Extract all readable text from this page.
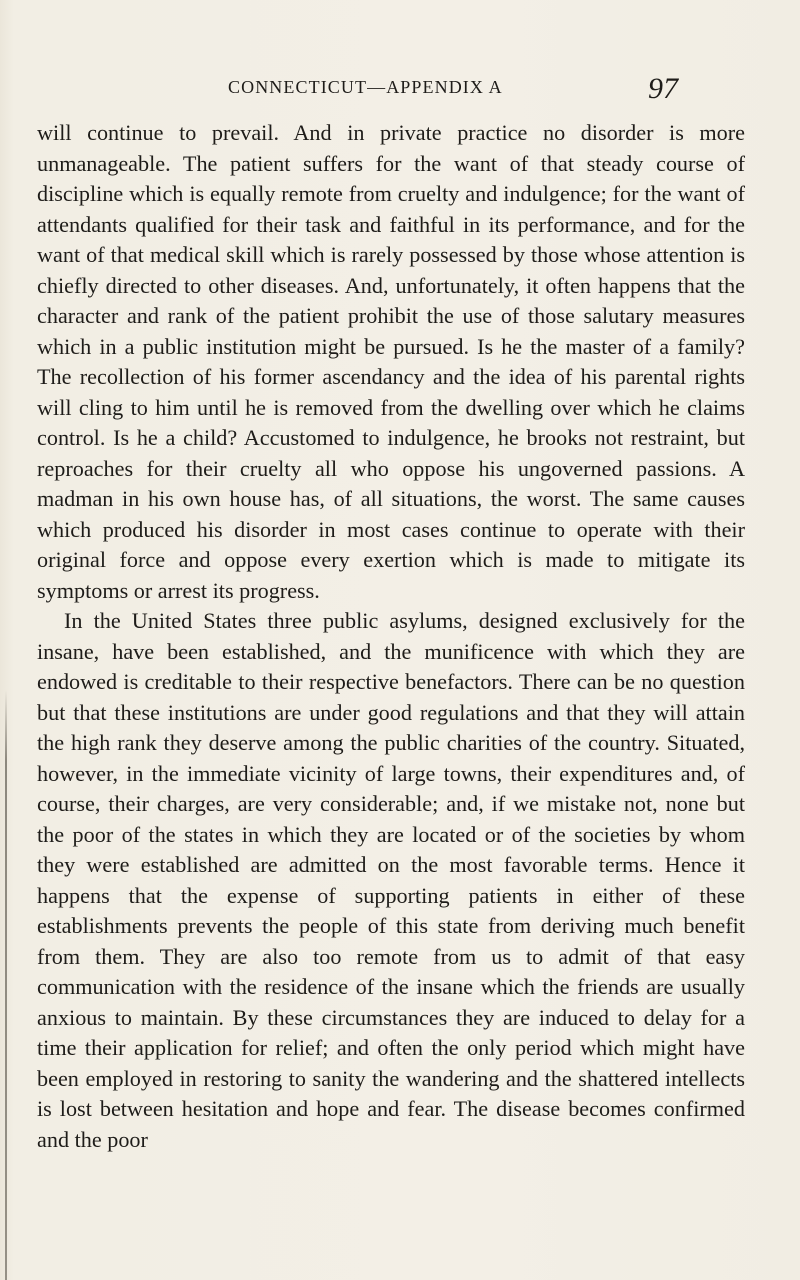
CONNECTICUT—APPENDIX A	97

will continue to prevail. And in private practice no disorder is more unmanageable. The patient suffers for the want of that steady course of discipline which is equally remote from cruelty and indulgence; for the want of attendants qualified for their task and faithful in its performance, and for the want of that medical skill which is rarely possessed by those whose attention is chiefly directed to other diseases. And, unfortunately, it often happens that the character and rank of the patient prohibit the use of those salutary measures which in a public institution might be pursued. Is he the master of a family? The recollection of his former ascendancy and the idea of his parental rights will cling to him until he is removed from the dwelling over which he claims control. Is he a child? Accustomed to indulgence, he brooks not restraint, but reproaches for their cruelty all who oppose his ungoverned passions. A madman in his own house has, of all situations, the worst. The same causes which produced his disorder in most cases continue to operate with their original force and oppose every exertion which is made to mitigate its symptoms or arrest its progress.

In the United States three public asylums, designed exclusively for the insane, have been established, and the munificence with which they are endowed is creditable to their respective benefactors. There can be no question but that these institutions are under good regulations and that they will attain the high rank they deserve among the public charities of the country. Situated, however, in the immediate vicinity of large towns, their expenditures and, of course, their charges, are very considerable; and, if we mistake not, none but the poor of the states in which they are located or of the societies by whom they were established are admitted on the most favorable terms. Hence it happens that the expense of supporting patients in either of these establishments prevents the people of this state from deriving much benefit from them. They are also too remote from us to admit of that easy communication with the residence of the insane which the friends are usually anxious to maintain. By these circumstances they are induced to delay for a time their application for relief; and often the only period which might have been employed in restoring to sanity the wandering and the shattered intellects is lost between hesitation and hope and fear. The disease becomes confirmed and the poor
